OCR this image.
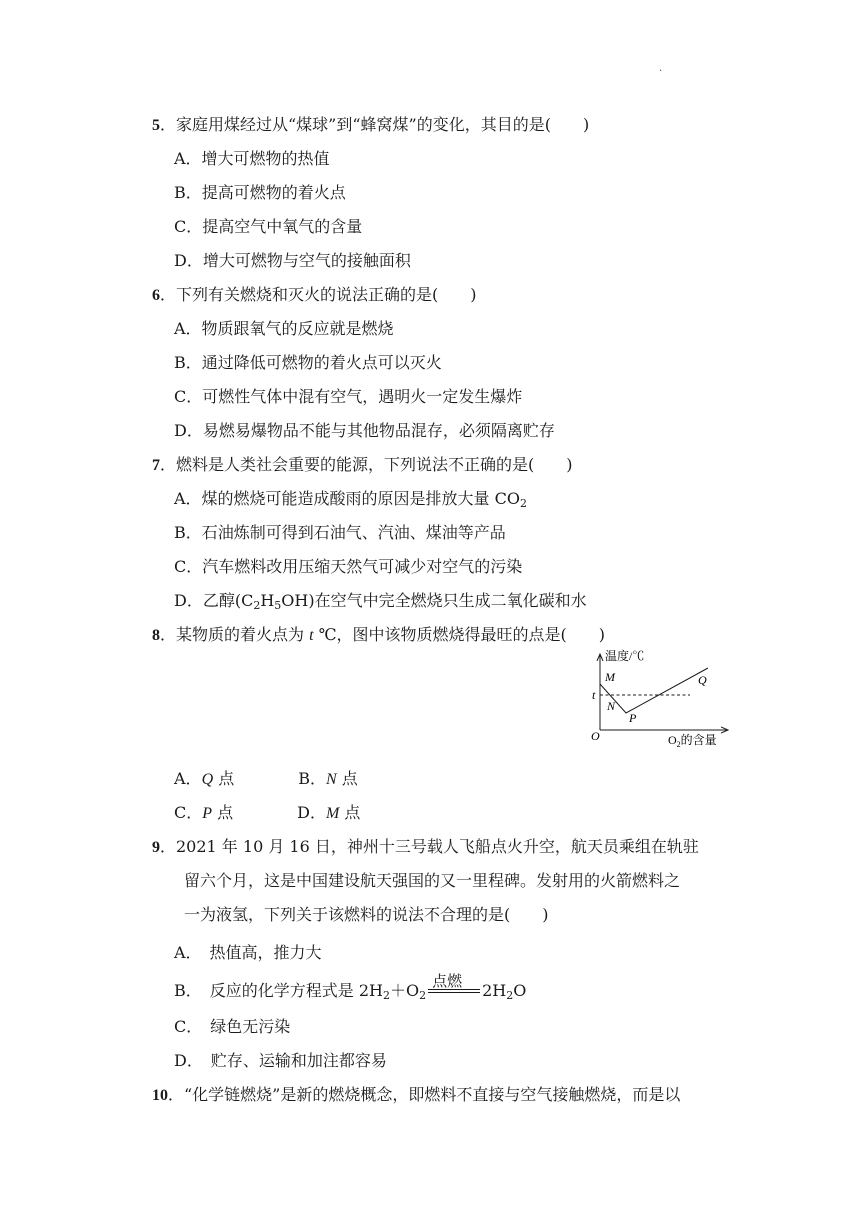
·
5．家庭用煤经过从“煤球”到“蜂窝煤”的变化，其目的是(　　)
A．增大可燃物的热值
B．提高可燃物的着火点
C．提高空气中氧气的含量
D．增大可燃物与空气的接触面积
6．下列有关燃烧和灭火的说法正确的是(　　)
A．物质跟氧气的反应就是燃烧
B．通过降低可燃物的着火点可以灭火
C．可燃性气体中混有空气，遇明火一定发生爆炸
D．易燃易爆物品不能与其他物品混存，必须隔离贮存
7．燃料是人类社会重要的能源，下列说法不正确的是(　　)
A．煤的燃烧可能造成酸雨的原因是排放大量 $CO_2$
B．石油炼制可得到石油气、汽油、煤油等产品
C．汽车燃料改用压缩天然气可减少对空气的污染
D．乙醇$(C_2H_5OH)$在空气中完全燃烧只生成二氧化碳和水
8．某物质的着火点为 t ℃，图中该物质燃烧得最旺的点是(　　)
温度/℃
M
t
N
P
Q
O	$O_2$的含量
A．Q 点	B．N 点
C．P 点	D．M 点
9．2021 年 10 月 16 日，神州十三号载人飞船点火升空，航天员乘组在轨驻
留六个月，这是中国建设航天强国的又一里程碑。发射用的火箭燃料之
一为液氢，下列关于该燃料的说法不合理的是(　　)
A．　热值高，推力大
B．　反应的化学方程式是 $2H_2+O_2$
点燃 $2H_2O$
C．　绿色无污染
D．　贮存、运输和加注都容易
10．“化学链燃烧”是新的燃烧概念，即燃料不直接与空气接触燃烧，而是以
